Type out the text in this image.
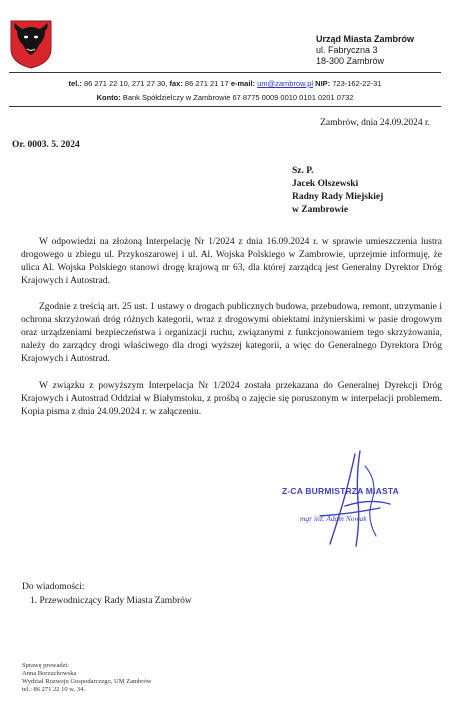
Urząd Miasta Zambrów
ul. Fabryczna 3
18-300 Zambrów
tel.: 86 271 22 10, 271 27 30, fax: 86 271 21 17 e-mail: um@zambrow.pl NIP: 723-162-22-31
Konto: Bank Spółdzielczy w Zambrowie 67 8775 0009 0010 0101 0201 0732
Zambrów, dnia 24.09.2024 r.
Or. 0003. 5. 2024
Sz. P.
Jacek Olszewski
Radny Rady Miejskiej
w Zambrowie
W odpowiedzi na złożoną Interpelację Nr 1/2024 z dnia 16.09.2024 r. w sprawie umieszczenia lustra drogowego u zbiegu ul. Przykoszarowej i ul. Al. Wojska Polskiego w Zambrowie, uprzejmie informuję, że ulica Al. Wojska Polskiego stanowi drogę krajową nr 63, dla której zarządcą jest Generalny Dyrektor Dróg Krajowych i Autostrad.
Zgodnie z treścią art. 25 ust. 1 ustawy o drogach publicznych budowa, przebudowa, remont, utrzymanie i ochrona skrzyżowań dróg różnych kategorii, wraz z drogowymi obiektami inżynierskimi w pasie drogowym oraz urządzeniami bezpieczeństwa i organizacji ruchu, związanymi z funkcjonowaniem tego skrzyżowania, należy do zarządcy drogi właściwego dla drogi wyższej kategorii, a więc do Generalnego Dyrektora Dróg Krajowych i Autostrad.
W związku z powyższym Interpelacja Nr 1/2024 została przekazana do Generalnej Dyrekcji Dróg Krajowych i Autostrad Oddział w Białymstoku, z prośbą o zajęcie się poruszonym w interpelacji problemem. Kopia pisma z dnia 24.09.2024 r. w załączeniu.
Z-CA BURMISTRZA MIASTA
mgr inż. Adam Nowak
Do wiadomości:
1. Przewodniczący Rady Miasta Zambrów
Sprawę prowadzi:
Anna Borzuchowska
Wydział Rozwoju Gospodarczego, UM Zambrów
tel.: 86 271 22 10 w. 34.
